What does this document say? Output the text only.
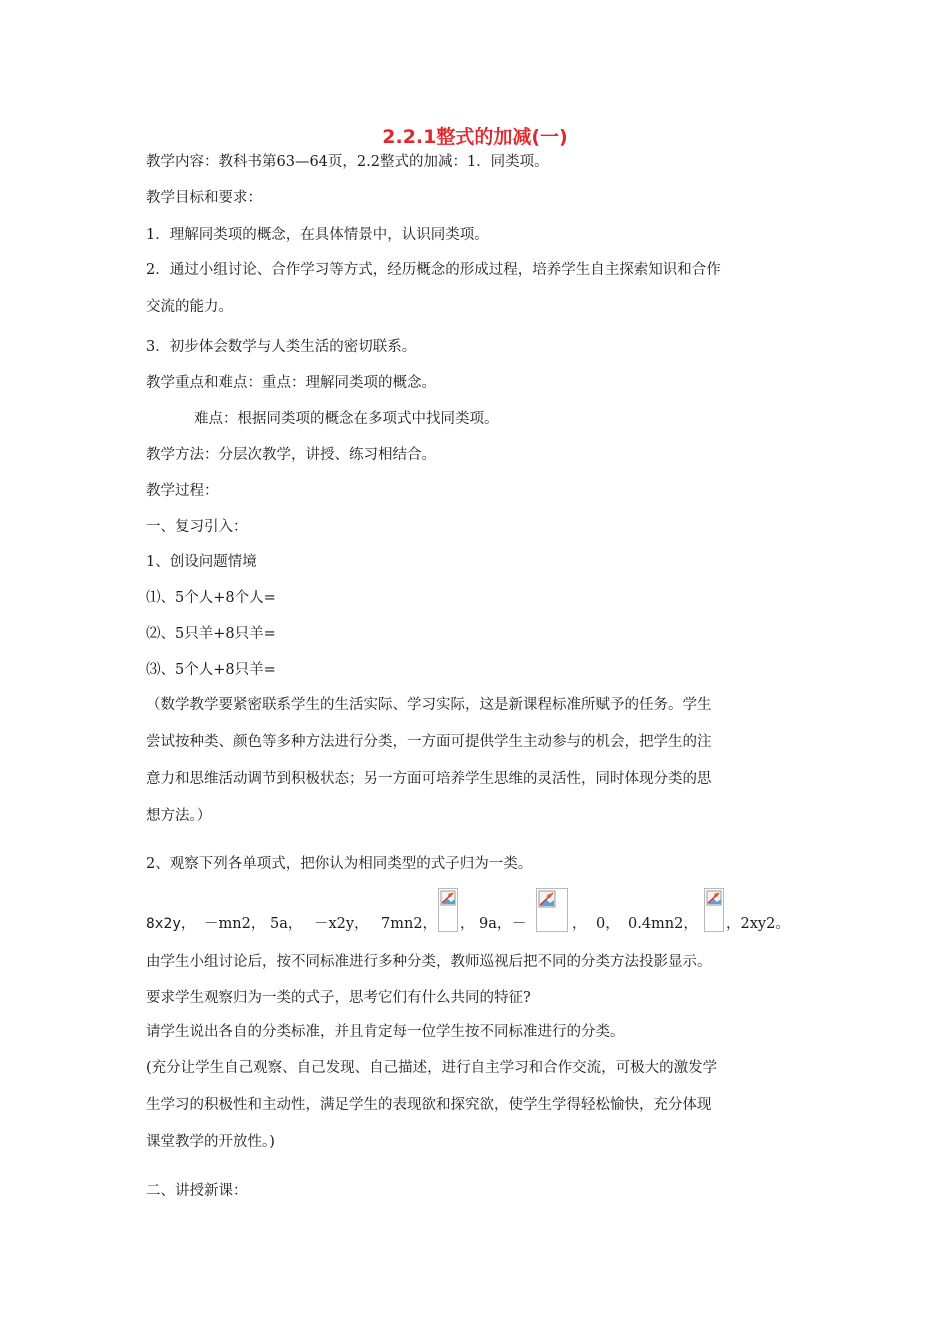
2.2.1整式的加减(一)
教学内容：教科书第63—64页，2.2整式的加减：1．同类项。
教学目标和要求：
1．理解同类项的概念，在具体情景中，认识同类项。
2．通过小组讨论、合作学习等方式，经历概念的形成过程，培养学生自主探索知识和合作
交流的能力。
3．初步体会数学与人类生活的密切联系。
教学重点和难点：重点：理解同类项的概念。
难点：根据同类项的概念在多项式中找同类项。
教学方法：分层次教学，讲授、练习相结合。
教学过程：
一、复习引入：
1、创设问题情境
⑴、5个人+8个人=
⑵、5只羊+8只羊=
⑶、5个人+8只羊=
（数学教学要紧密联系学生的生活实际、学习实际，这是新课程标准所赋予的任务。学生
尝试按种类、颜色等多种方法进行分类，一方面可提供学生主动参与的机会，把学生的注
意力和思维活动调节到积极状态；另一方面可培养学生思维的灵活性，同时体现分类的思
想方法。）
2、观察下列各单项式，把你认为相同类型的式子归为一类。
8x2y， －mn2， 5a， －x2y， 7mn2， ， 9a， －	， 0， 0.4mn2， ，2xy2。
由学生小组讨论后，按不同标准进行多种分类，教师巡视后把不同的分类方法投影显示。
要求学生观察归为一类的式子，思考它们有什么共同的特征?
请学生说出各自的分类标准，并且肯定每一位学生按不同标准进行的分类。
(充分让学生自己观察、自己发现、自己描述，进行自主学习和合作交流，可极大的激发学
生学习的积极性和主动性，满足学生的表现欲和探究欲，使学生学得轻松愉快，充分体现
课堂教学的开放性。)
二、讲授新课：
